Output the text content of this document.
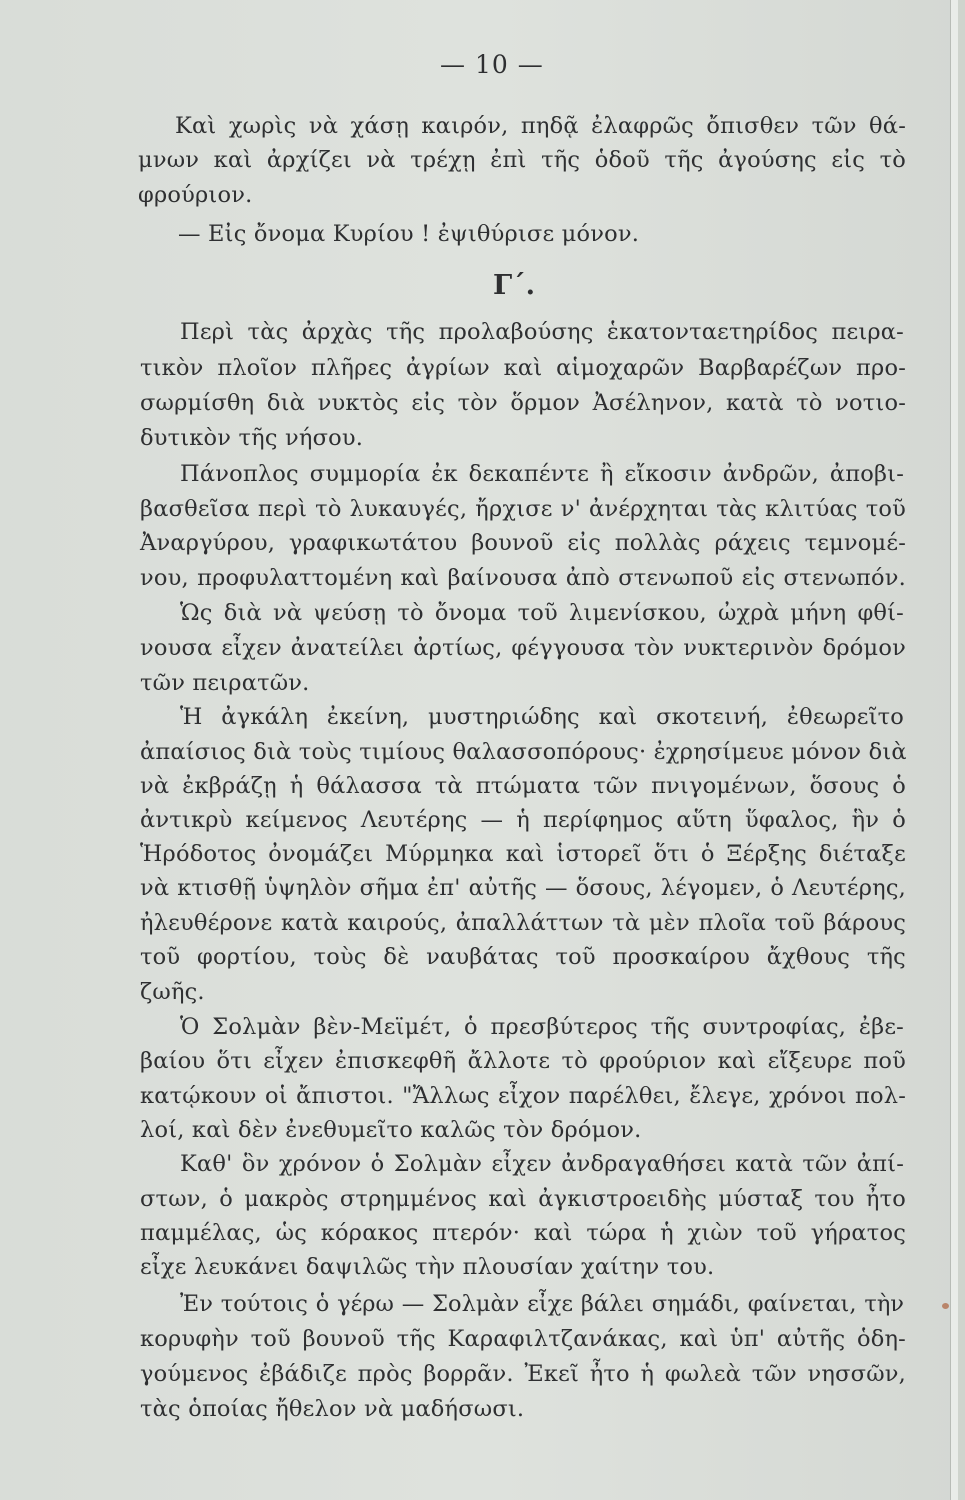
— 10 —
Γ΄.
Καὶ χωρὶς νὰ χάσῃ καιρόν, πηδᾷ ἐλαφρῶς ὄπισθεν τῶν θά-
μνων καὶ ἀρχίζει νὰ τρέχῃ ἐπὶ τῆς ὁδοῦ τῆς ἀγούσης εἰς τὸ
φρούριον.
— Εἰς ὄνομα Κυρίου ! ἐψιθύρισε μόνον.
Περὶ τὰς ἀρχὰς τῆς προλαβούσης ἑκατονταετηρίδος πειρα-
τικὸν πλοῖον πλῆρες ἀγρίων καὶ αἱμοχαρῶν Βαρβαρέζων προ-
σωρμίσθη διὰ νυκτὸς εἰς τὸν ὅρμον Ἀσέληνον, κατὰ τὸ νοτιο-
δυτικὸν τῆς νήσου.
Πάνοπλος συμμορία ἐκ δεκαπέντε ἢ εἴκοσιν ἀνδρῶν, ἀποβι-
βασθεῖσα περὶ τὸ λυκαυγές, ἤρχισε ν' ἀνέρχηται τὰς κλιτύας τοῦ
Ἀναργύρου, γραφικωτάτου βουνοῦ εἰς πολλὰς ράχεις τεμνομέ-
νου, προφυλαττομένη καὶ βαίνουσα ἀπὸ στενωποῦ εἰς στενωπόν.
Ὡς διὰ νὰ ψεύσῃ τὸ ὄνομα τοῦ λιμενίσκου, ὠχρὰ μήνη φθί-
νουσα εἶχεν ἀνατείλει ἀρτίως, φέγγουσα τὸν νυκτερινὸν δρόμον
τῶν πειρατῶν.
Ἡ ἀγκάλη ἐκείνη, μυστηριώδης καὶ σκοτεινή, ἐθεωρεῖτο
ἀπαίσιος διὰ τοὺς τιμίους θαλασσοπόρους· ἐχρησίμευε μόνον διὰ
νὰ ἐκβράζῃ ἡ θάλασσα τὰ πτώματα τῶν πνιγομένων, ὅσους ὁ
ἀντικρὺ κείμενος Λευτέρης — ἡ περίφημος αὕτη ὕφαλος, ἣν ὁ
Ἡρόδοτος ὀνομάζει Μύρμηκα καὶ ἱστορεῖ ὅτι ὁ Ξέρξης διέταξε
νὰ κτισθῇ ὑψηλὸν σῆμα ἐπ' αὐτῆς — ὅσους, λέγομεν, ὁ Λευτέρης,
ἠλευθέρονε κατὰ καιρούς, ἀπαλλάττων τὰ μὲν πλοῖα τοῦ βάρους
τοῦ φορτίου, τοὺς δὲ ναυβάτας τοῦ προσκαίρου ἄχθους τῆς
ζωῆς.
Ὁ Σολμὰν βὲν-Μεϊμέτ, ὁ πρεσβύτερος τῆς συντροφίας, ἐβε-
βαίου ὅτι εἶχεν ἐπισκεφθῆ ἄλλοτε τὸ φρούριον καὶ εἴξευρε ποῦ
κατῴκουν οἱ ἄπιστοι. "Ἄλλως εἶχον παρέλθει, ἔλεγε, χρόνοι πολ-
λοί, καὶ δὲν ἐνεθυμεῖτο καλῶς τὸν δρόμον.
Καθ' ὃν χρόνον ὁ Σολμὰν εἶχεν ἀνδραγαθήσει κατὰ τῶν ἀπί-
στων, ὁ μακρὸς στρημμένος καὶ ἀγκιστροειδὴς μύσταξ του ἦτο
παμμέλας, ὡς κόρακος πτερόν· καὶ τώρα ἡ χιὼν τοῦ γήρατος
εἶχε λευκάνει δαψιλῶς τὴν πλουσίαν χαίτην του.
Ἐν τούτοις ὁ γέρω — Σολμὰν εἶχε βάλει σημάδι, φαίνεται, τὴν
κορυφὴν τοῦ βουνοῦ τῆς Καραφιλτζανάκας, καὶ ὑπ' αὐτῆς ὁδη-
γούμενος ἐβάδιζε πρὸς βορρᾶν. Ἐκεῖ ἦτο ἡ φωλεὰ τῶν νησσῶν,
τὰς ὁποίας ἤθελον νὰ μαδήσωσι.
